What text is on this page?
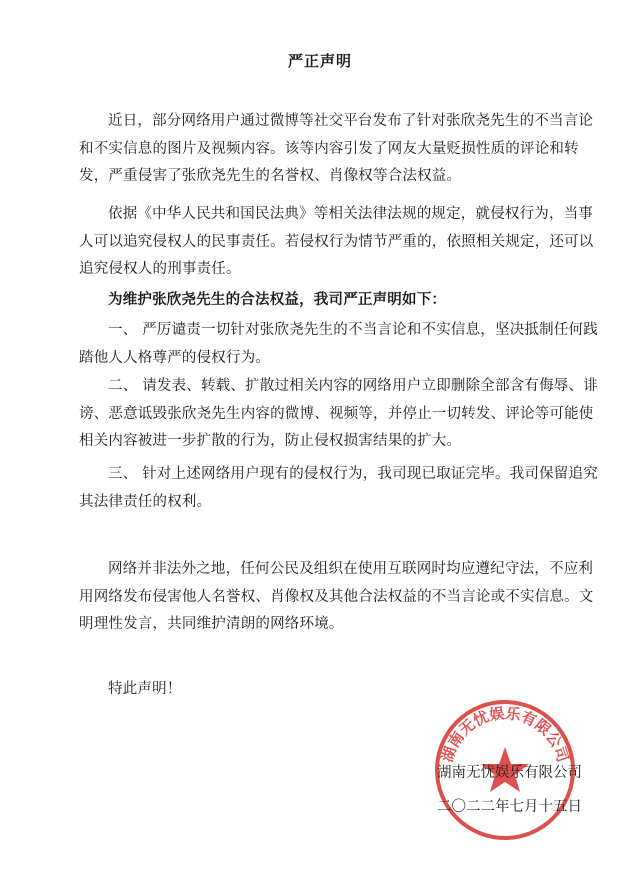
严正声明
近日，部分网络用户通过微博等社交平台发布了针对张欣尧先生的不当言论和不实信息的图片及视频内容。该等内容引发了网友大量贬损性质的评论和转发，严重侵害了张欣尧先生的名誉权、肖像权等合法权益。
依据《中华人民共和国民法典》等相关法律法规的规定，就侵权行为，当事人可以追究侵权人的民事责任。若侵权行为情节严重的，依照相关规定，还可以追究侵权人的刑事责任。
为维护张欣尧先生的合法权益，我司严正声明如下：
一、 严厉谴责一切针对张欣尧先生的不当言论和不实信息，坚决抵制任何践踏他人人格尊严的侵权行为。
二、 请发表、转载、扩散过相关内容的网络用户立即删除全部含有侮辱、诽谤、恶意诋毁张欣尧先生内容的微博、视频等，并停止一切转发、评论等可能使相关内容被进一步扩散的行为，防止侵权损害结果的扩大。
三、 针对上述网络用户现有的侵权行为，我司现已取证完毕。我司保留追究其法律责任的权利。
网络并非法外之地，任何公民及组织在使用互联网时均应遵纪守法，不应利用网络发布侵害他人名誉权、肖像权及其他合法权益的不当言论或不实信息。文明理性发言，共同维护清朗的网络环境。
特此声明！
湖南无忧娱乐有限公司
湖南无忧娱乐有限公司
二〇二二年七月十五日
